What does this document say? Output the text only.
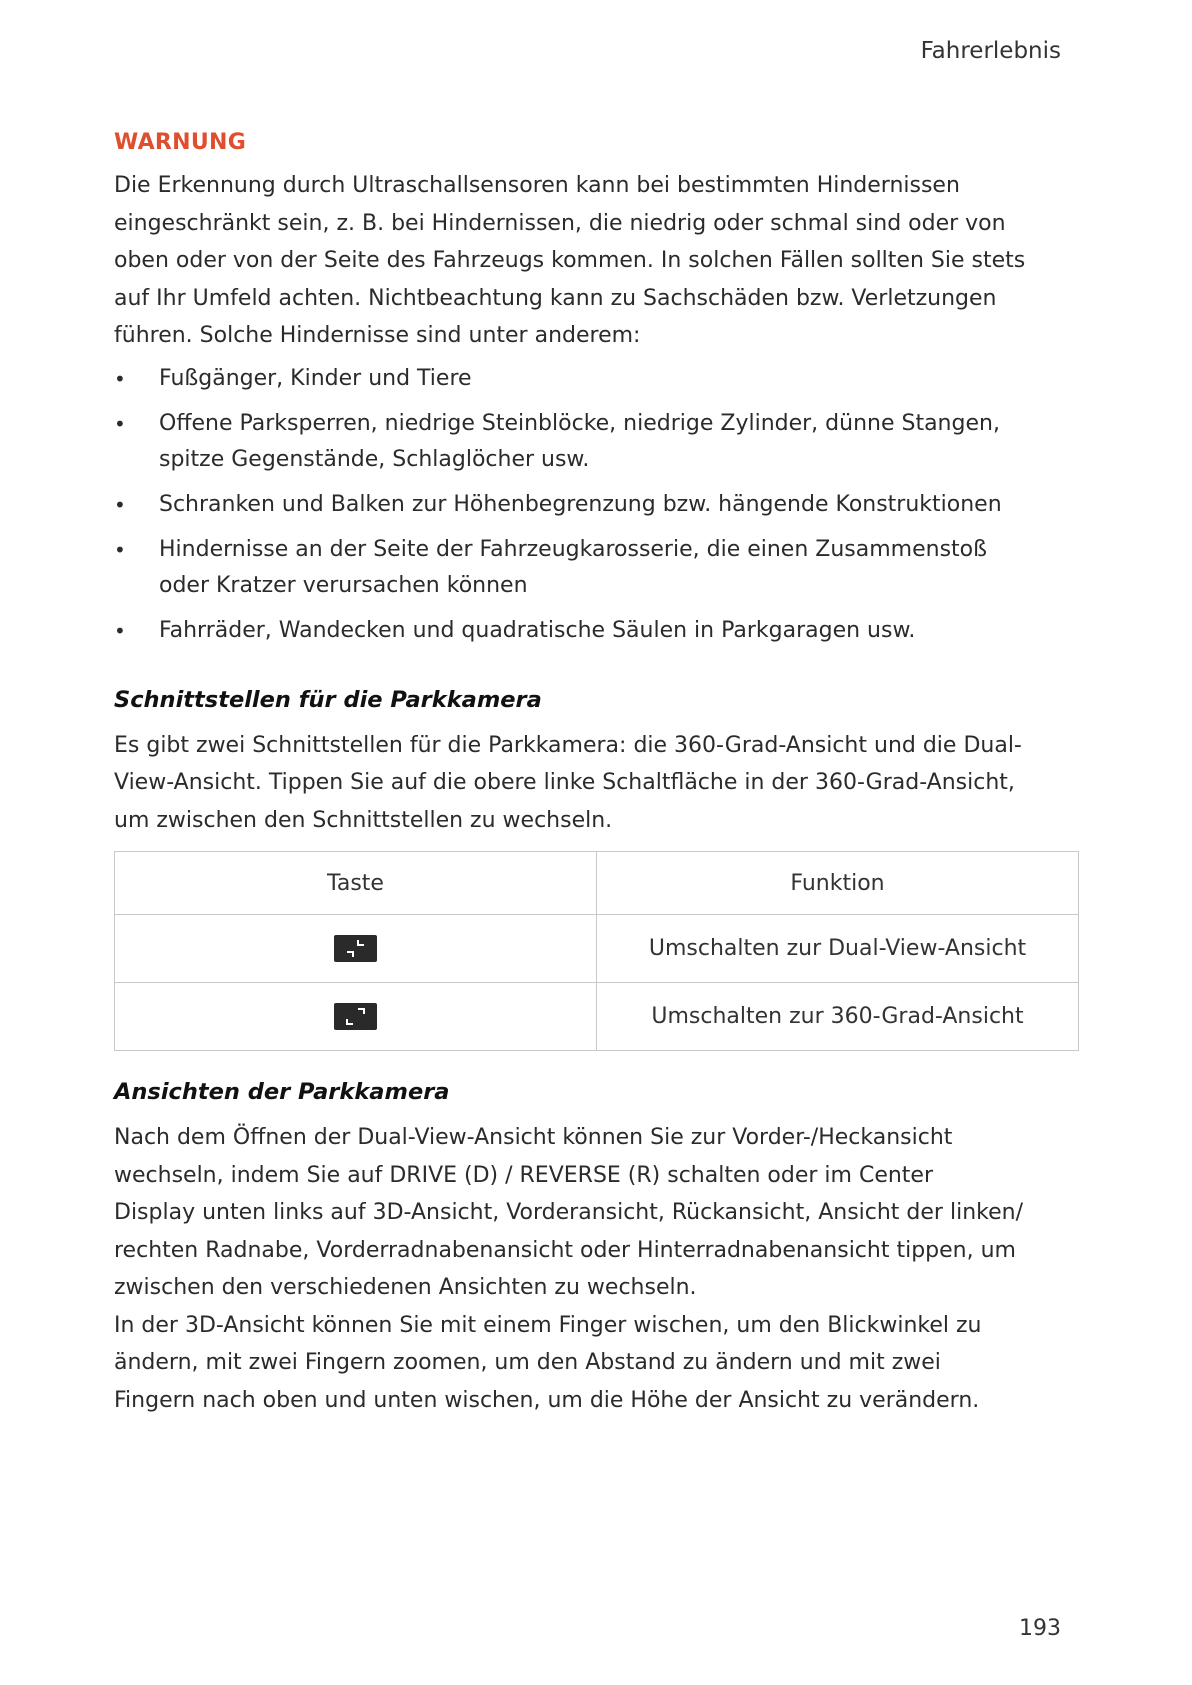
Fahrerlebnis
WARNUNG

Die Erkennung durch Ultraschallsensoren kann bei bestimmten Hindernissen
eingeschränkt sein, z. B. bei Hindernissen, die niedrig oder schmal sind oder von
oben oder von der Seite des Fahrzeugs kommen. In solchen Fällen sollten Sie stets
auf Ihr Umfeld achten. Nichtbeachtung kann zu Sachschäden bzw. Verletzungen
führen. Solche Hindernisse sind unter anderem:

• Fußgänger, Kinder und Tiere
• Offene Parksperren, niedrige Steinblöcke, niedrige Zylinder, dünne Stangen,
spitze Gegenstände, Schlaglöcher usw.
• Schranken und Balken zur Höhenbegrenzung bzw. hängende Konstruktionen
• Hindernisse an der Seite der Fahrzeugkarosserie, die einen Zusammenstoß
oder Kratzer verursachen können
• Fahrräder, Wandecken und quadratische Säulen in Parkgaragen usw.
Schnittstellen für die Parkkamera

Es gibt zwei Schnittstellen für die Parkkamera: die 360-Grad-Ansicht und die Dual-
View-Ansicht. Tippen Sie auf die obere linke Schaltfläche in der 360-Grad-Ansicht,
um zwischen den Schnittstellen zu wechseln.

Taste	Funktion

	Umschalten zur Dual-View-Ansicht

	Umschalten zur 360-Grad-Ansicht
Ansichten der Parkkamera

Nach dem Öffnen der Dual-View-Ansicht können Sie zur Vorder-/Heckansicht
wechseln, indem Sie auf DRIVE (D) / REVERSE (R) schalten oder im Center
Display unten links auf 3D-Ansicht, Vorderansicht, Rückansicht, Ansicht der linken/
rechten Radnabe, Vorderradnabenansicht oder Hinterradnabenansicht tippen, um
zwischen den verschiedenen Ansichten zu wechseln.

In der 3D-Ansicht können Sie mit einem Finger wischen, um den Blickwinkel zu
ändern, mit zwei Fingern zoomen, um den Abstand zu ändern und mit zwei
Fingern nach oben und unten wischen, um die Höhe der Ansicht zu verändern.

193
